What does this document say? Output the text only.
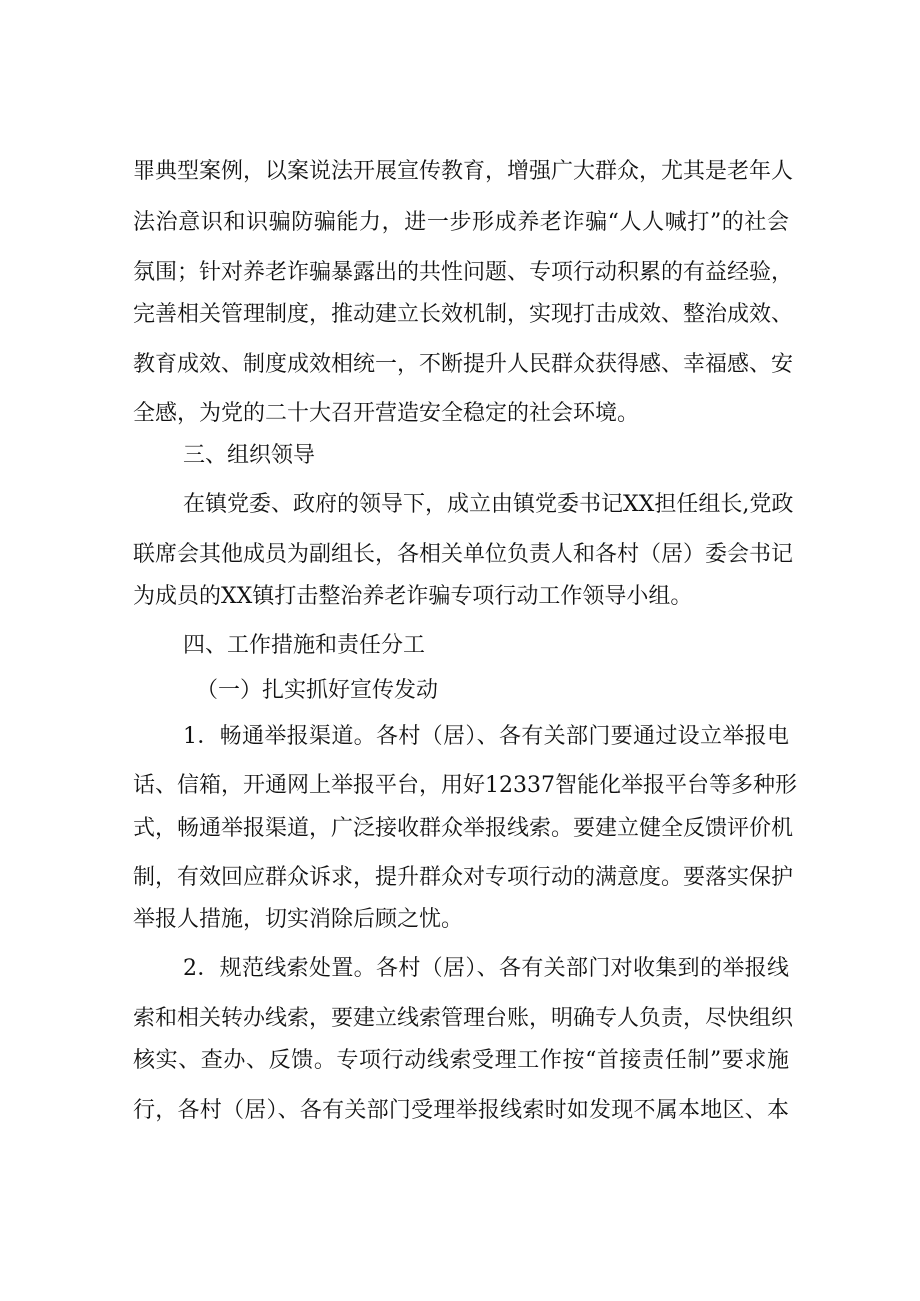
罪典型案例，以案说法开展宣传教育，增强广大群众，尤其是老年人
法治意识和识骗防骗能力，进一步形成养老诈骗“人人喊打”的社会
氛围；针对养老诈骗暴露出的共性问题、专项行动积累的有益经验，
完善相关管理制度，推动建立长效机制，实现打击成效、整治成效、
教育成效、制度成效相统一，不断提升人民群众获得感、幸福感、安
全感，为党的二十大召开营造安全稳定的社会环境。
三、组织领导
在镇党委、政府的领导下，成立由镇党委书记XX担任组长,党政
联席会其他成员为副组长，各相关单位负责人和各村（居）委会书记
为成员的XX镇打击整治养老诈骗专项行动工作领导小组。
四、工作措施和责任分工
（一）扎实抓好宣传发动
1．畅通举报渠道。各村（居）、各有关部门要通过设立举报电
话、信箱，开通网上举报平台，用好12337智能化举报平台等多种形
式，畅通举报渠道，广泛接收群众举报线索。要建立健全反馈评价机
制，有效回应群众诉求，提升群众对专项行动的满意度。要落实保护
举报人措施，切实消除后顾之忧。
2．规范线索处置。各村（居）、各有关部门对收集到的举报线
索和相关转办线索，要建立线索管理台账，明确专人负责，尽快组织
核实、查办、反馈。专项行动线索受理工作按“首接责任制”要求施
行，各村（居）、各有关部门受理举报线索时如发现不属本地区、本
